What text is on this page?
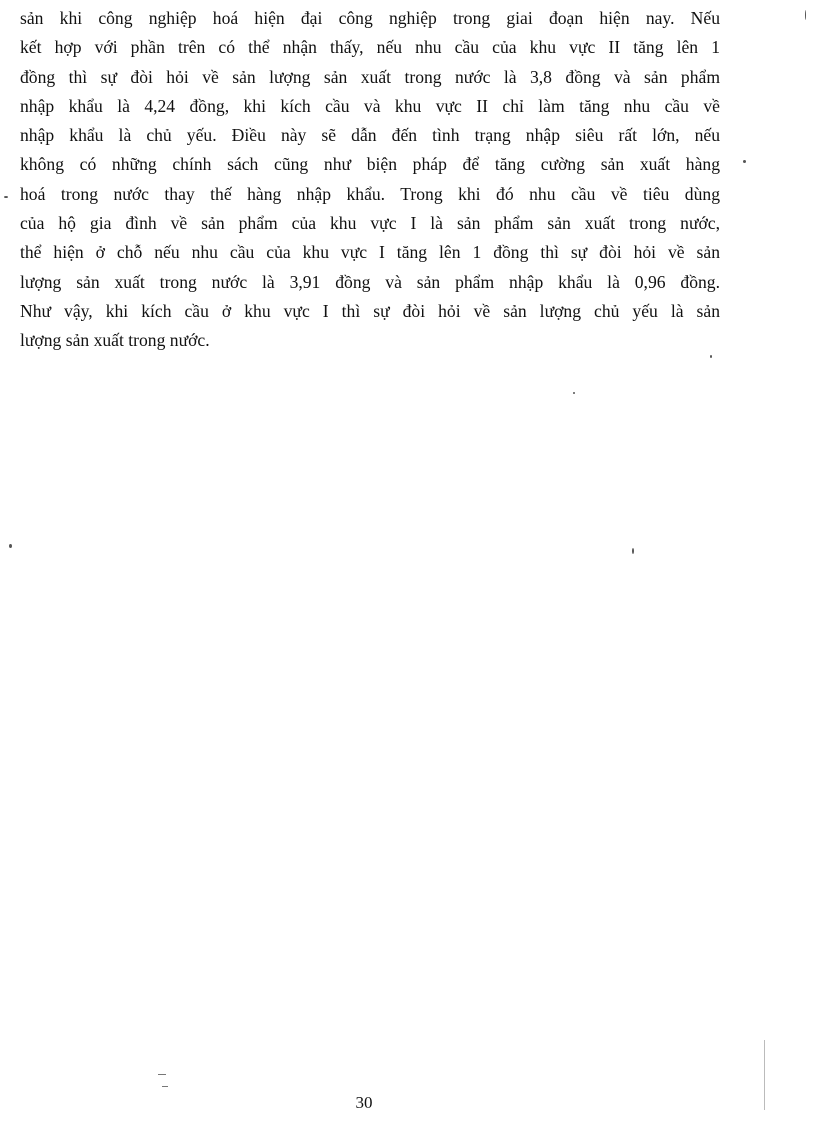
sản khi công nghiệp hoá hiện đại công nghiệp trong giai đoạn hiện nay. Nếu
kết hợp với phần trên có thể nhận thấy, nếu nhu cầu của khu vực II tăng lên 1
đồng thì sự đòi hỏi về sản lượng sản xuất trong nước là 3,8 đồng và sản phẩm
nhập khẩu là 4,24 đồng, khi kích cầu và khu vực II chỉ làm tăng nhu cầu về
nhập khẩu là chủ yếu. Điều này sẽ dẫn đến tình trạng nhập siêu rất lớn, nếu
không có những chính sách cũng như biện pháp để tăng cường sản xuất hàng
hoá trong nước thay thế hàng nhập khẩu. Trong khi đó nhu cầu về tiêu dùng
của hộ gia đình về sản phẩm của khu vực I là sản phẩm sản xuất trong nước,
thể hiện ở chỗ nếu nhu cầu của khu vực I tăng lên 1 đồng thì sự đòi hỏi về sản
lượng sản xuất trong nước là 3,91 đồng và sản phẩm nhập khẩu là 0,96 đồng.
Như vậy, khi kích cầu ở khu vực I thì sự đòi hỏi về sản lượng chủ yếu là sản
lượng sản xuất trong nước.
30
